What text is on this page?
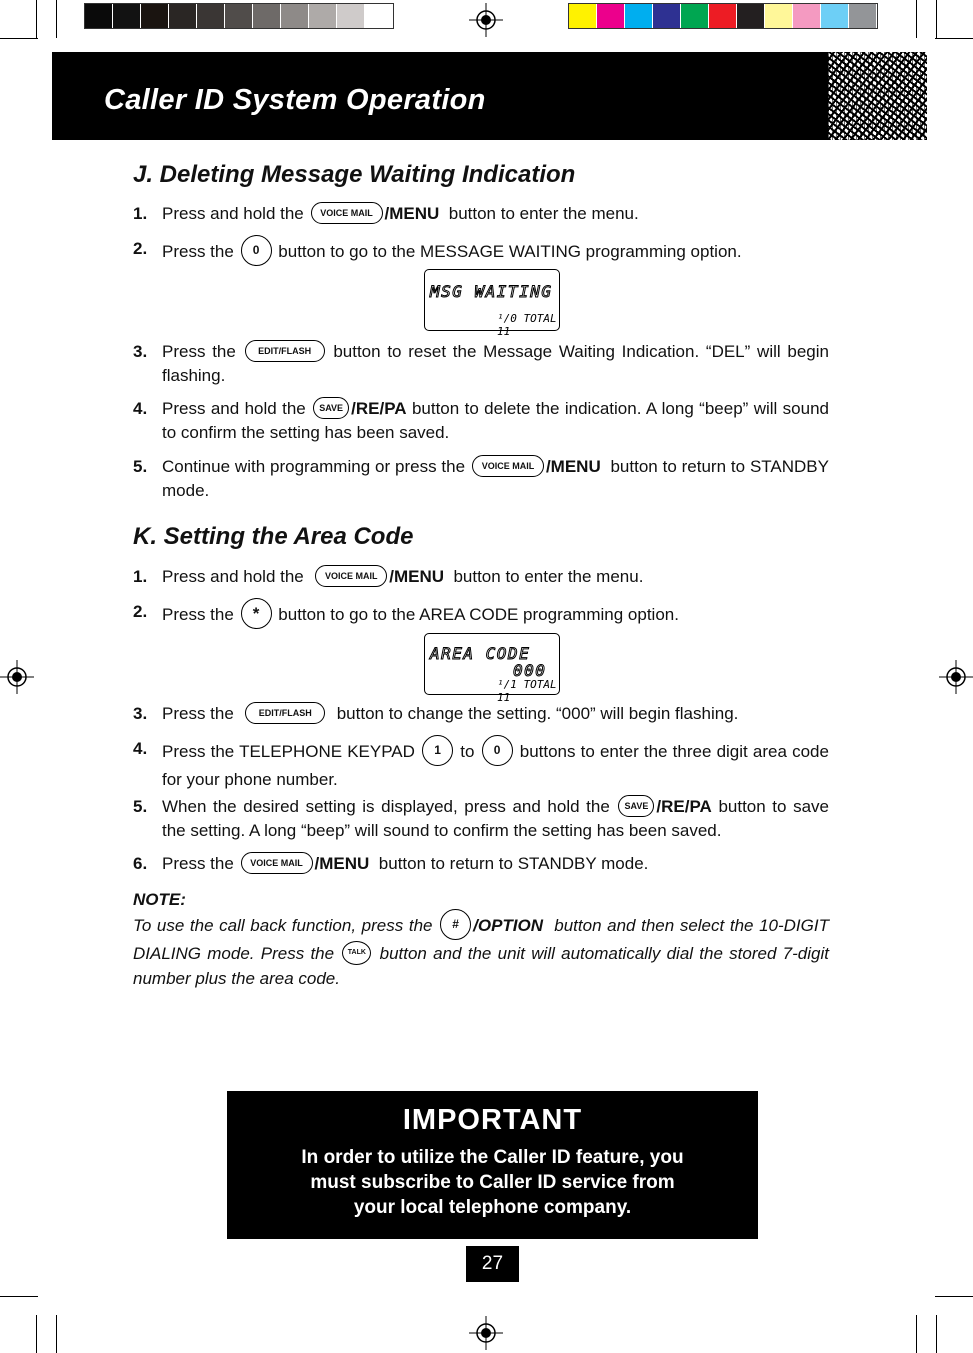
Caller ID System Operation
J. Deleting Message Waiting Indication
1. Press and hold the VOICE MAIL /MENU button to enter the menu.
2. Press the 0 button to go to the MESSAGE WAITING programming option.
MSG WAITING
¹/0 TOTAL 11
3. Press the EDIT/FLASH button to reset the Message Waiting Indication. “DEL” will begin flashing.
4. Press and hold the SAVE /RE/PA button to delete the indication. A long “beep” will sound to confirm the setting has been saved.
5. Continue with programming or press the VOICE MAIL /MENU button to return to STANDBY mode.
K. Setting the Area Code
1. Press and hold the VOICE MAIL /MENU button to enter the menu.
2. Press the * button to go to the AREA CODE programming option.
AREA CODE
000
¹/1 TOTAL 11
3. Press the	EDIT/FLASH button to change the setting. “000” will begin flashing.
4. Press the TELEPHONE KEYPAD 1 to 0 buttons to enter the three digit area code for your phone number.
5. When the desired setting is displayed, press and hold the SAVE /RE/PA button to save the setting. A long “beep” will sound to confirm the setting has been saved.
6. Press the VOICE MAIL /MENU button to return to STANDBY mode.
NOTE:
To use the call back function, press the # /OPTION button and then select the 10-DIGIT DIALING mode. Press the TALK button and the unit will automatically dial the stored 7-digit number plus the area code.
IMPORTANT
In order to utilize the Caller ID feature, you
must subscribe to Caller ID service from
your local telephone company.
27
